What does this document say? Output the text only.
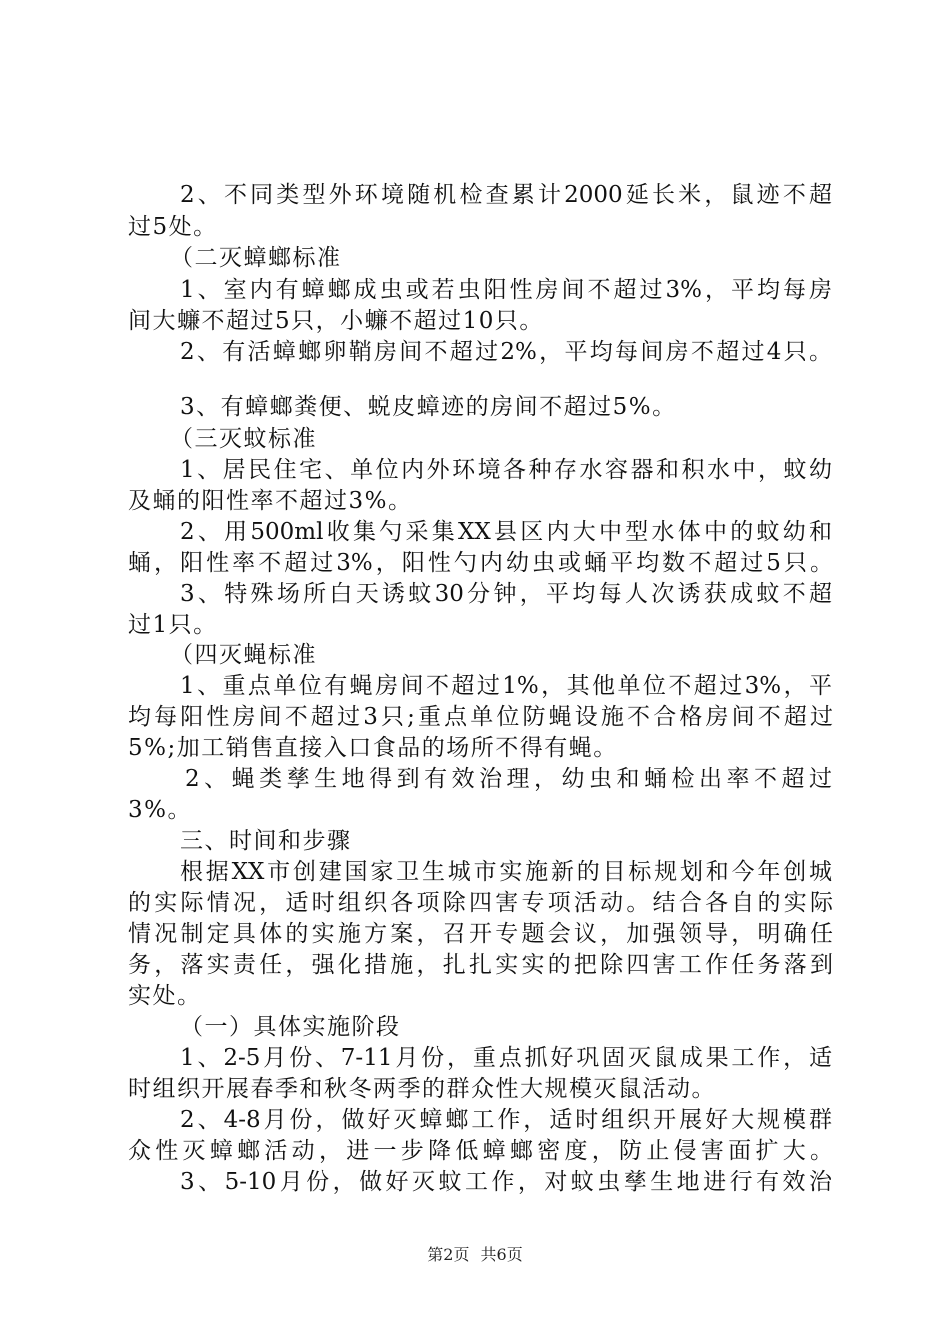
2、不同类型外环境随机检查累计2000延长米，鼠迹不超
过5处。
（二灭蟑螂标准
1、室内有蟑螂成虫或若虫阳性房间不超过3%，平均每房
间大蠊不超过5只，小蠊不超过10只。
2、有活蟑螂卵鞘房间不超过2%，平均每间房不超过4只。
3、有蟑螂粪便、蜕皮蟑迹的房间不超过5%。
（三灭蚊标准
1、居民住宅、单位内外环境各种存水容器和积水中，蚊幼
及蛹的阳性率不超过3%。
2、用500ml收集勺采集XX县区内大中型水体中的蚊幼和
蛹，阳性率不超过3%，阳性勺内幼虫或蛹平均数不超过5只。
3、特殊场所白天诱蚊30分钟，平均每人次诱获成蚊不超
过1只。
（四灭蝇标准
1、重点单位有蝇房间不超过1%，其他单位不超过3%，平
均每阳性房间不超过3只;重点单位防蝇设施不合格房间不超过
5%;加工销售直接入口食品的场所不得有蝇。
2、蝇类孳生地得到有效治理，幼虫和蛹检出率不超过
3%。
三、时间和步骤
根据XX市创建国家卫生城市实施新的目标规划和今年创城
的实际情况，适时组织各项除四害专项活动。结合各自的实际
情况制定具体的实施方案，召开专题会议，加强领导，明确任
务，落实责任，强化措施，扎扎实实的把除四害工作任务落到
实处。
（一）具体实施阶段
1、2-5月份、7-11月份，重点抓好巩固灭鼠成果工作，适
时组织开展春季和秋冬两季的群众性大规模灭鼠活动。
2、4-8月份，做好灭蟑螂工作，适时组织开展好大规模群
众性灭蟑螂活动，进一步降低蟑螂密度，防止侵害面扩大。
3、5-10月份，做好灭蚊工作，对蚊虫孳生地进行有效治
第2页 共6页
